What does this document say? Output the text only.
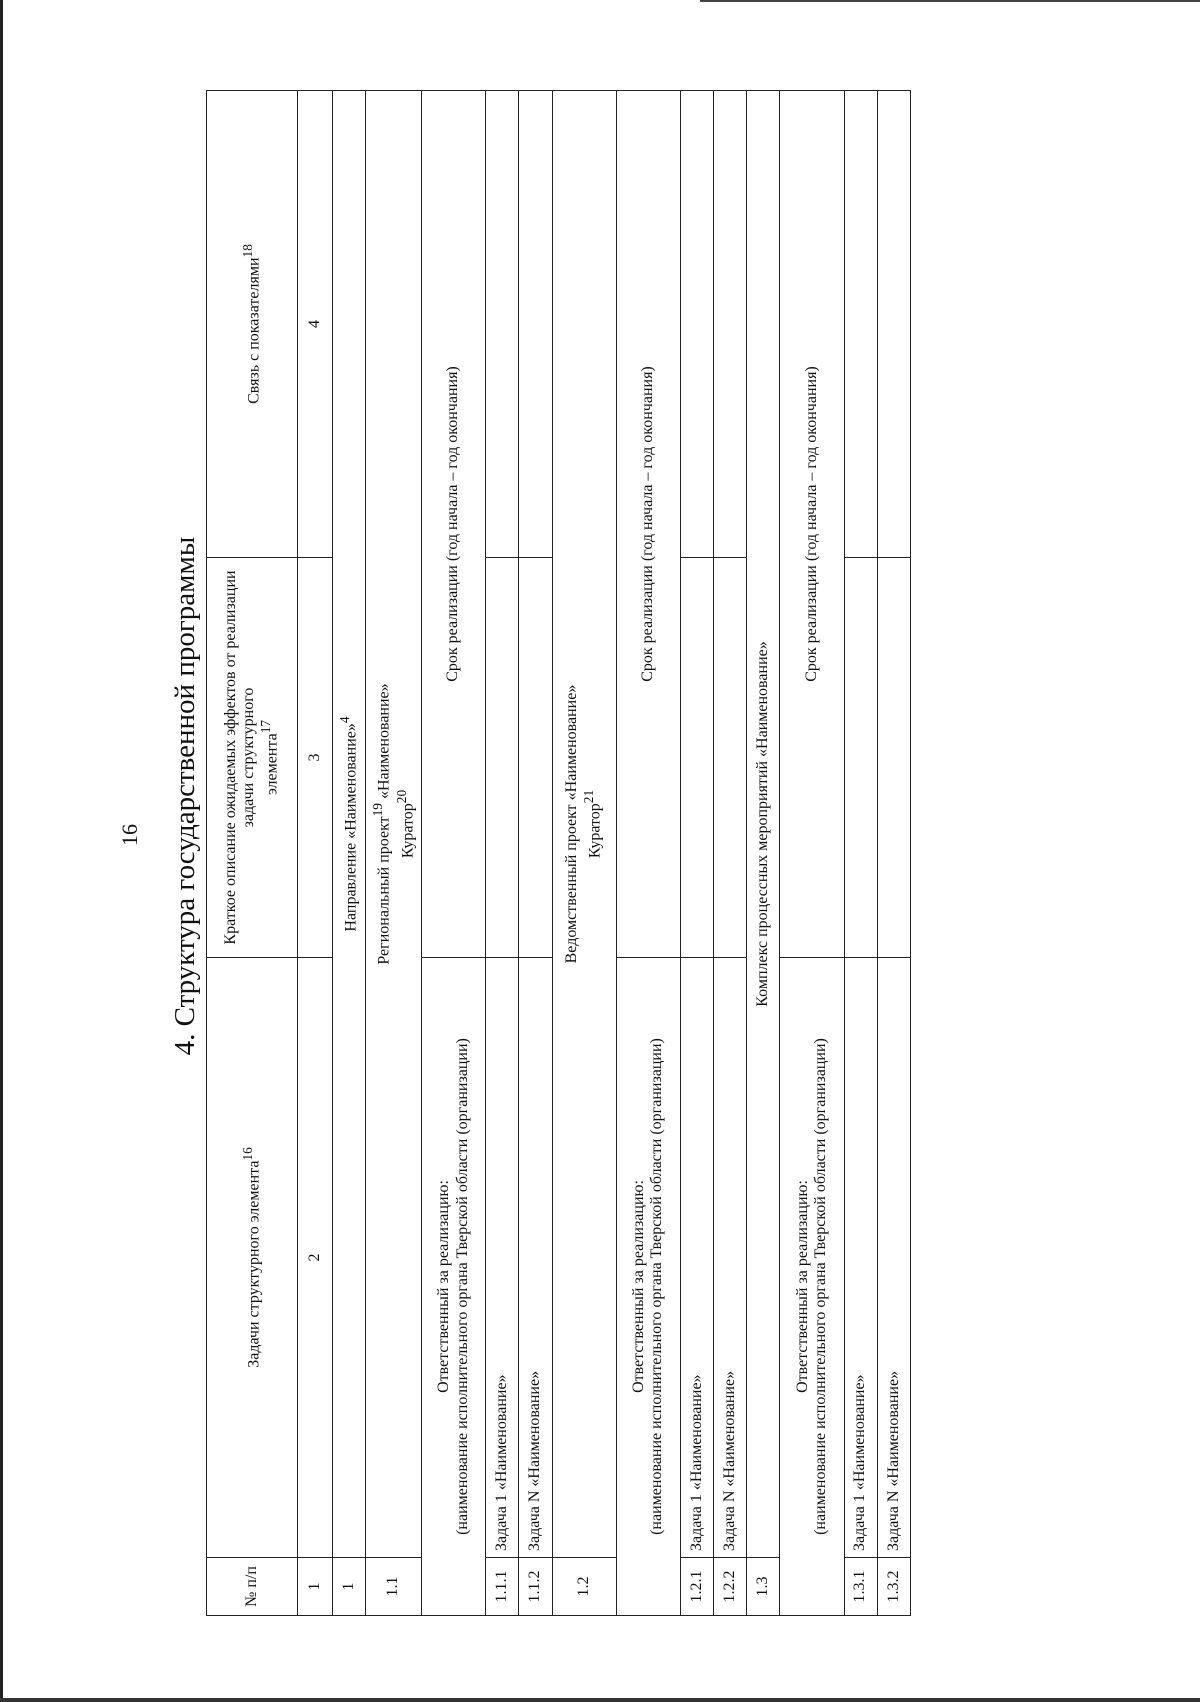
16 4. Структура государственной программы
№ п/п	Задачи структурного элемента$^{16}$	Краткое описание ожидаемых эффектов от реализации задачи структурного элемента$^{17}$	Связь с показателями$^{18}$
1	2	3	4
1	Направление «Наименование»$^4$
1.1	Региональный проект$^{19}$ «Наименование»
Куратор$^{20}$
Ответственный за реализацию:
(наименование исполнительного органа Тверской области (организации)		Срок реализации (год начала – год окончания)	
1.1.1	Задача 1 «Наименование»		
1.1.2	Задача N «Наименование»		
1.2	Ведомственный проект «Наименование» Куратор$^{21}$
Ответственный за реализацию:
(наименование исполнительного органа Тверской области (организации)		Срок реализации (год начала – год окончания)	
1.2.1	Задача 1 «Наименование»		
1.2.2	Задача N «Наименование»		
1.3	Комплекс процессных мероприятий «Наименование»		
Ответственный за реализацию:
(наименование исполнительного органа Тверской области (организации)		Срок реализации (год начала – год окончания)	
1.3.1	Задача 1 «Наименование»		
1.3.2	Задача N «Наименование»		
